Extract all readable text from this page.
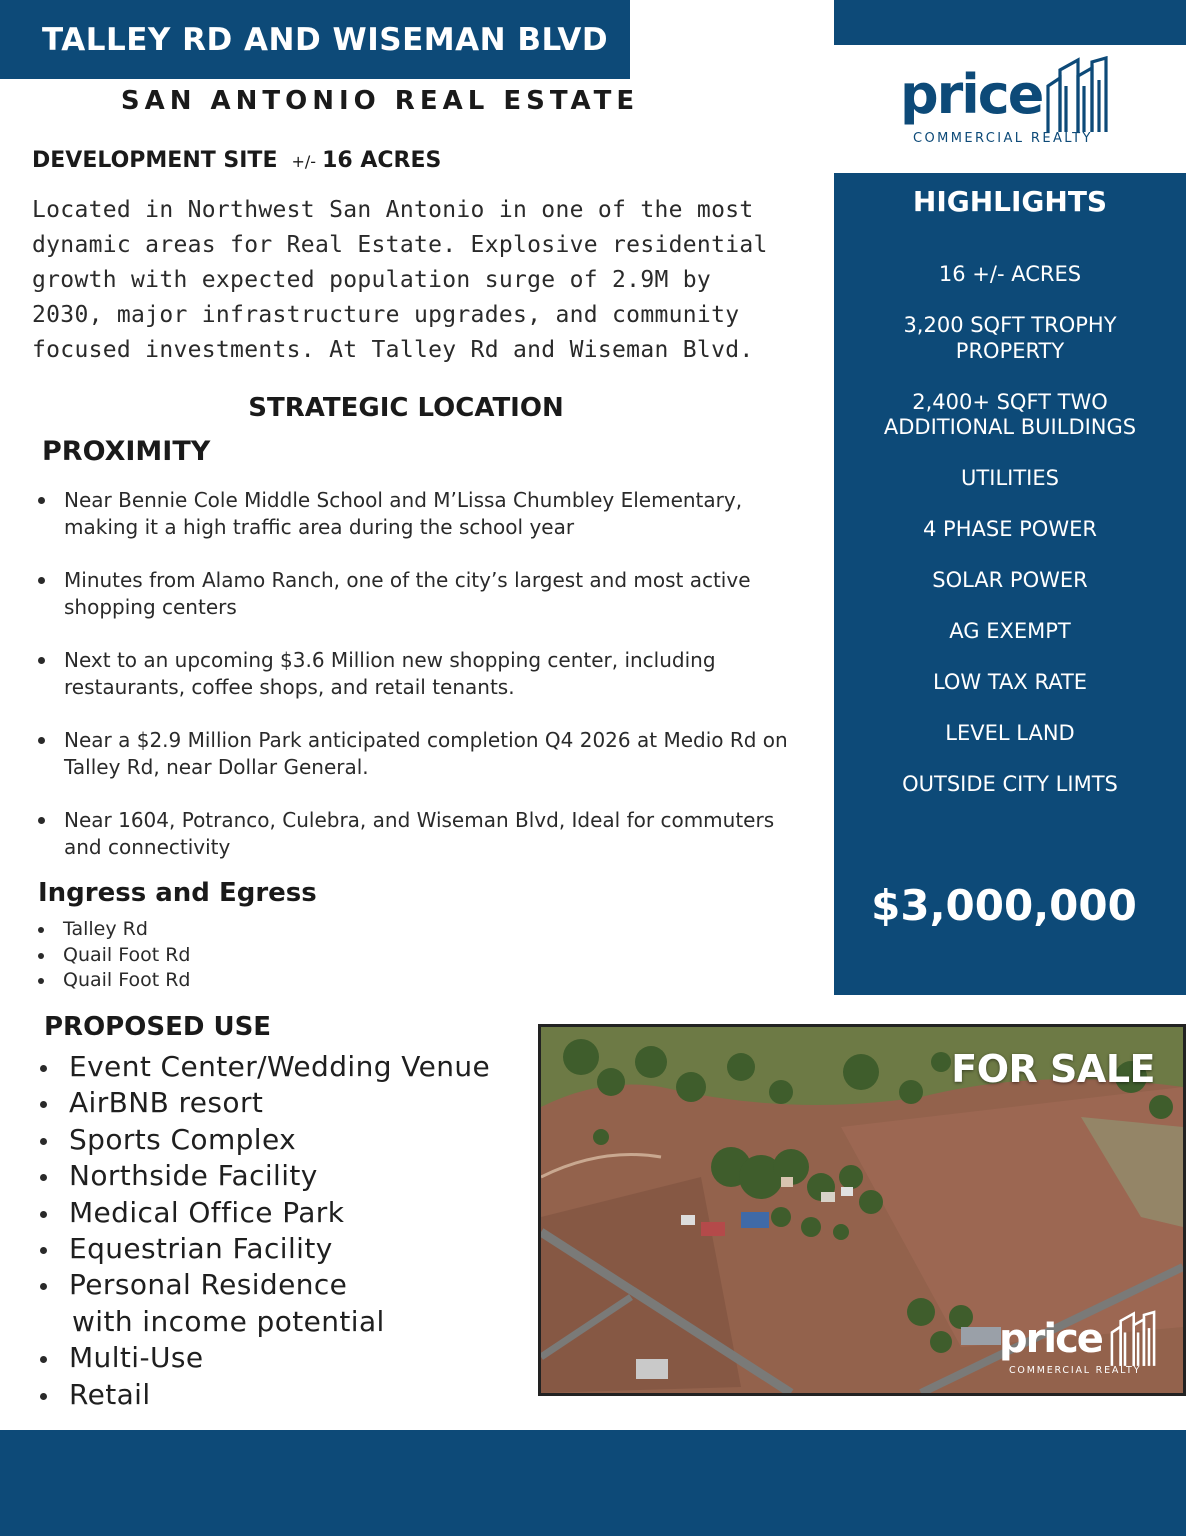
TALLEY RD AND WISEMAN BLVD
SAN ANTONIO REAL ESTATE	price
COMMERCIAL REALTY
DEVELOPMENT SITE +/- 16 ACRES

Located in Northwest San Antonio in one of the most dynamic areas for Real Estate. Explosive residential growth with expected population surge of 2.9M by 2030, major infrastructure upgrades, and community focused investments. At Talley Rd and Wiseman Blvd.

STRATEGIC LOCATION
PROXIMITY
Near Bennie Cole Middle School and M’Lissa Chumbley Elementary, making it a high traffic area during the school year
Minutes from Alamo Ranch, one of the city’s largest and most active shopping centers
Next to an upcoming $3.6 Million new shopping center, including restaurants, coffee shops, and retail tenants.
Near a $2.9 Million Park anticipated completion Q4 2026 at Medio Rd on Talley Rd, near Dollar General.
Near 1604, Potranco, Culebra, and Wiseman Blvd, Ideal for commuters and connectivity
Ingress and Egress
Talley Rd
Quail Foot Rd
Quail Foot Rd
PROPOSED USE
Event Center/Wedding Venue
AirBNB resort
Sports Complex
Northside Facility
Medical Office Park
Equestrian Facility
Personal Residence
with income potential
Multi-Use
Retail
HIGHLIGHTS
16 +/- ACRES
3,200 SQFT TROPHY PROPERTY
2,400+ SQFT TWO ADDITIONAL BUILDINGS
UTILITIES
4 PHASE POWER
SOLAR POWER
AG EXEMPT
LOW TAX RATE
LEVEL LAND
OUTSIDE CITY LIMTS
$3,000,000
FOR SALE
price
COMMERCIAL REALTY
